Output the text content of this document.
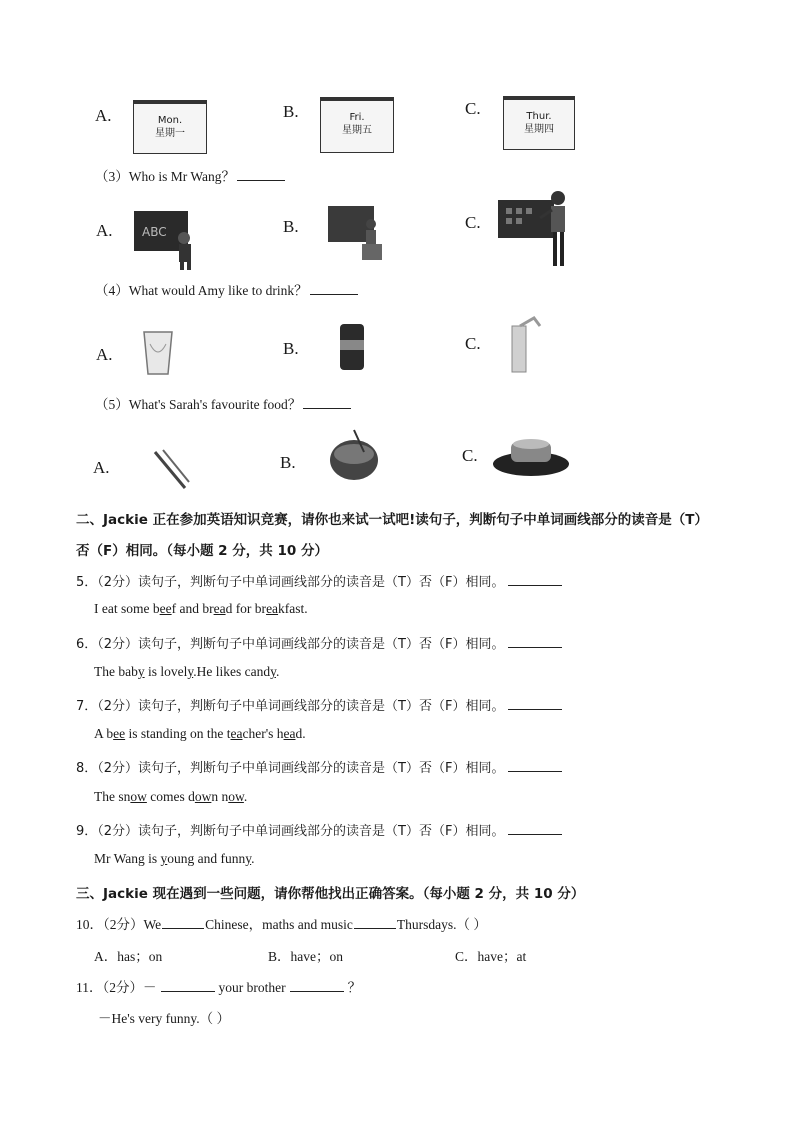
A.	Mon.
星期一
B.	Fri.
星期五
C.	Thur.
星期四
（3）Who is Mr Wang？
A. ABC	B.	C.
（4）What would Amy like to drink？
A.	B.	C.
（5）What's Sarah's favourite food？
A.	B.	C.
二、Jackie 正在参加英语知识竞赛，请你也来试一试吧!读句子，判断句子中单词画线部分的读音是（T）
否（F）相同。（每小题 2 分，共 10 分）
5．（2分）读句子，判断句子中单词画线部分的读音是（T）否（F）相同。
I eat some beef and bread for breakfast.
6．（2分）读句子，判断句子中单词画线部分的读音是（T）否（F）相同。
The baby is lovely.He likes candy.
7．（2分）读句子，判断句子中单词画线部分的读音是（T）否（F）相同。
A bee is standing on the teacher's head.
8．（2分）读句子，判断句子中单词画线部分的读音是（T）否（F）相同。
The snow comes down now.
9．（2分）读句子，判断句子中单词画线部分的读音是（T）否（F）相同。
Mr Wang is young and funny.
三、Jackie 现在遇到一些问题，请你帮他找出正确答案。（每小题 2 分，共 10 分）
10．（2分）We	Chinese，maths and music	Thursdays.（ ）
A．has；on	B．have；on	C．have；at
11．（2分）－	your brother	？
－He's very funny.（ ）
